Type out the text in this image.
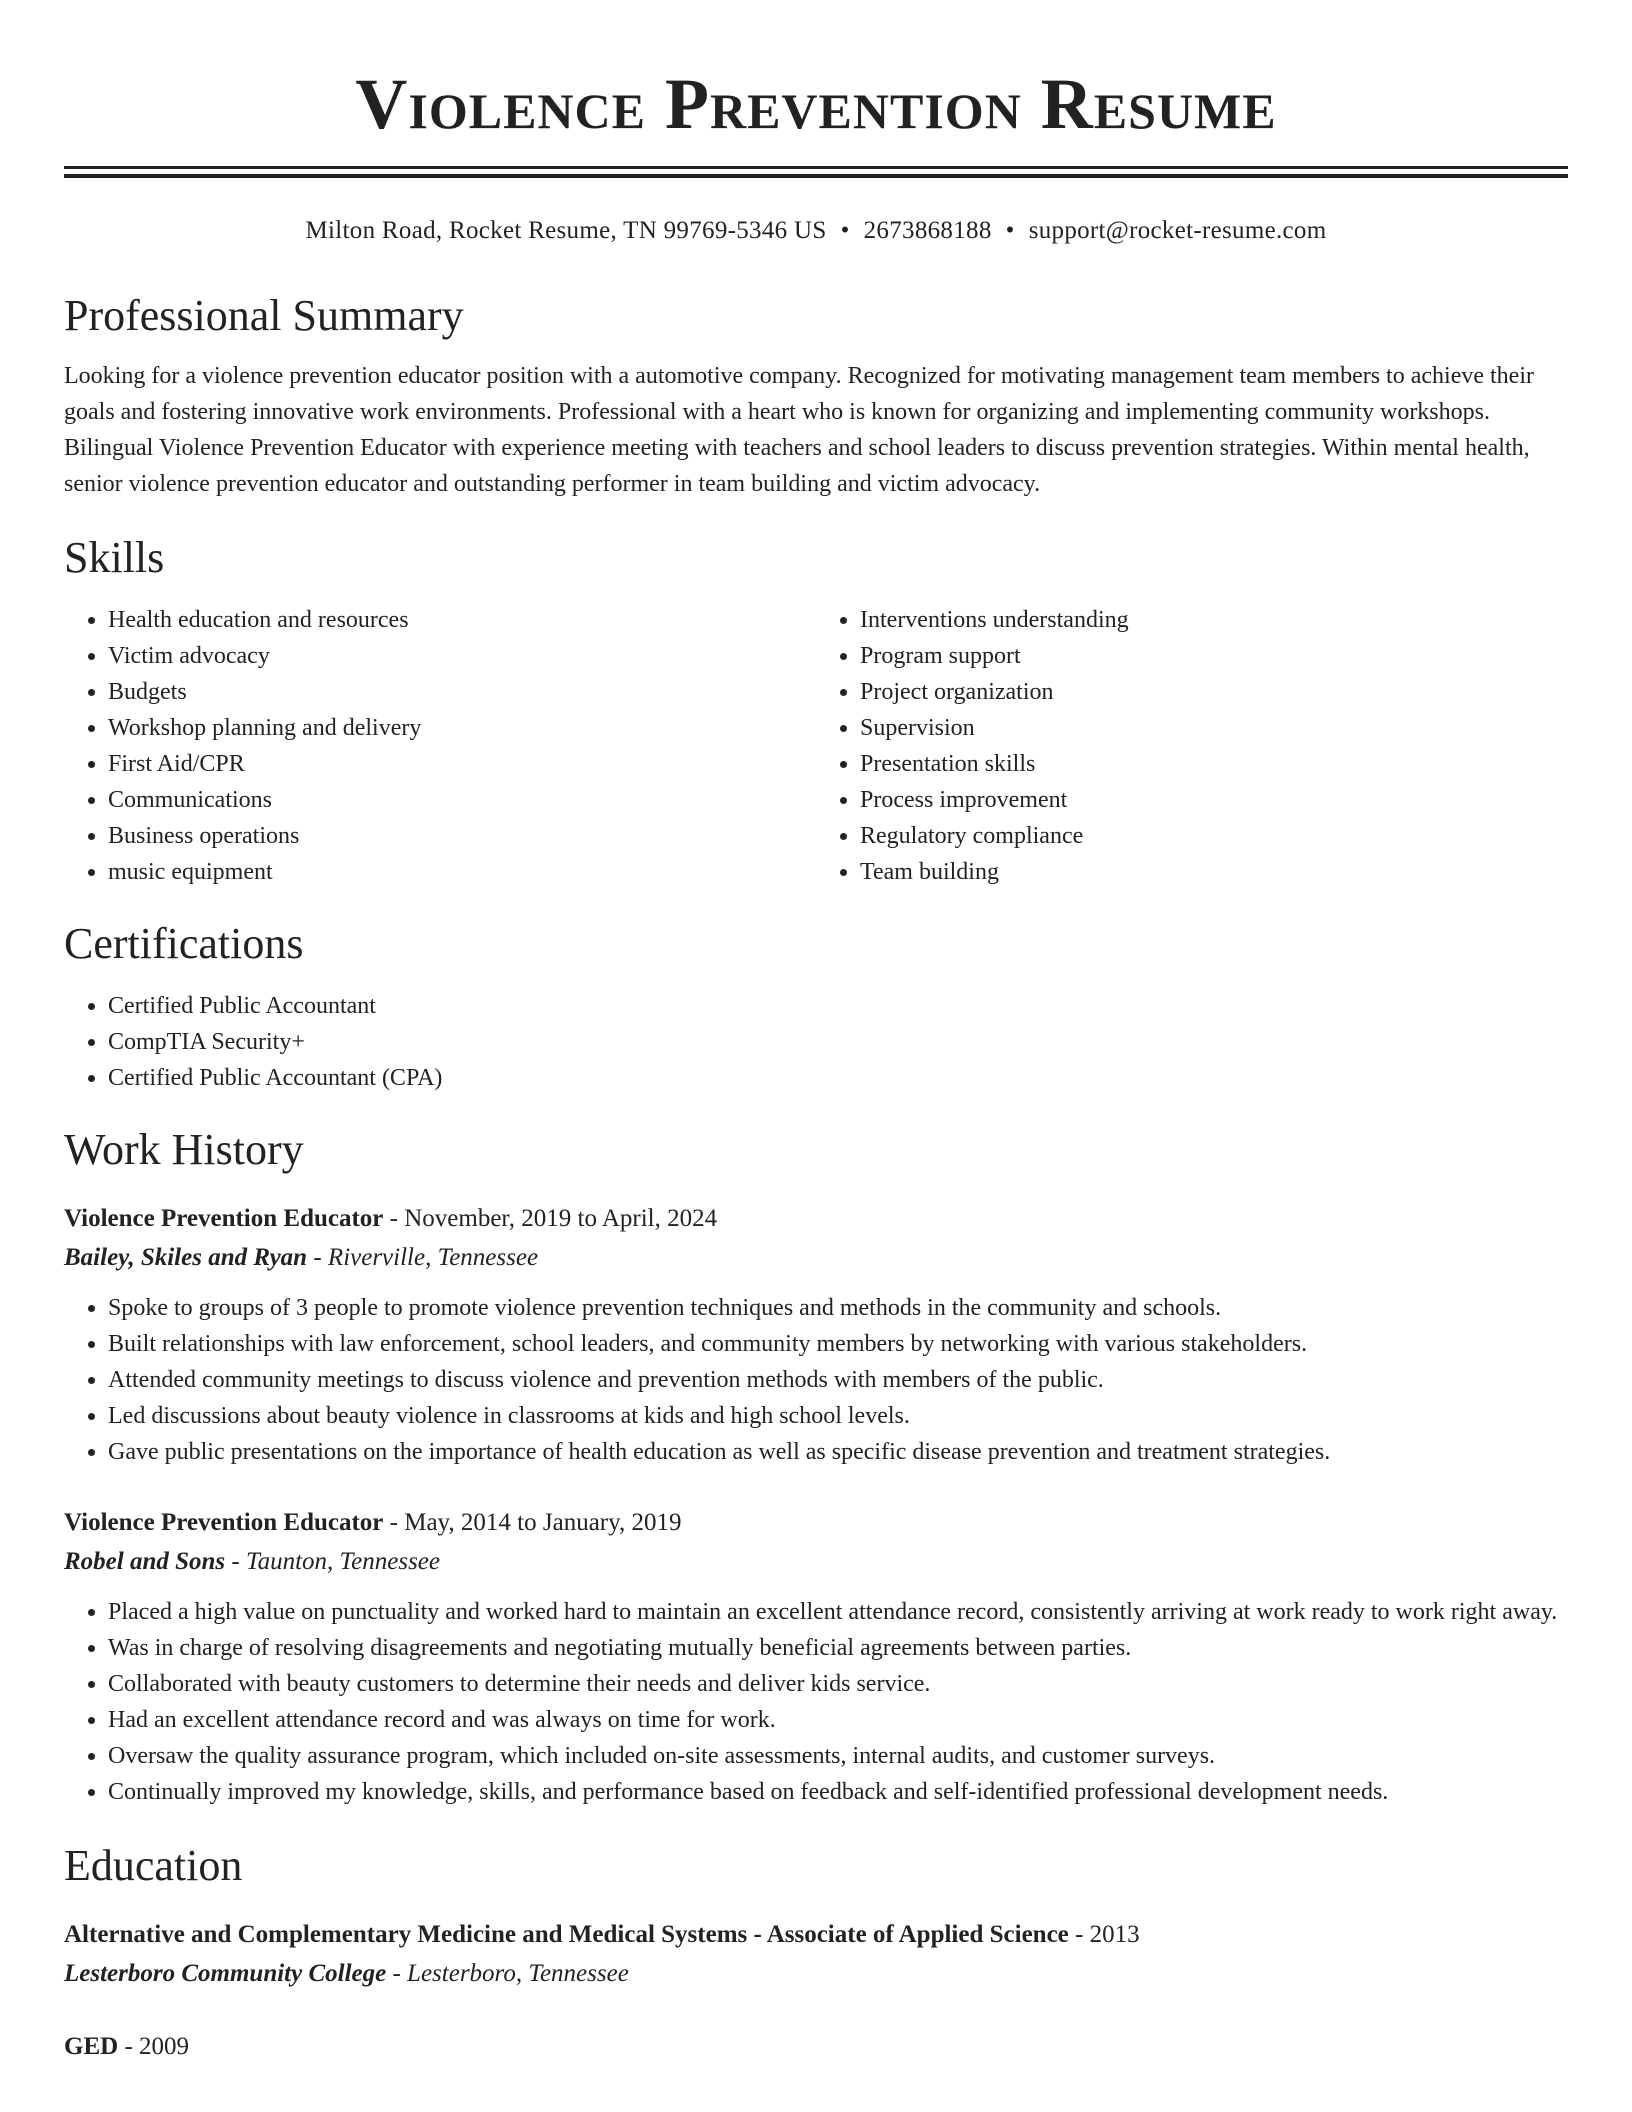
Violence Prevention Resume
Milton Road, Rocket Resume, TN 99769-5346 US • 2673868188 • support@rocket-resume.com
Professional Summary

Looking for a violence prevention educator position with a automotive company. Recognized for motivating management team members to achieve their goals and fostering innovative work environments. Professional with a heart who is known for organizing and implementing community workshops. Bilingual Violence Prevention Educator with experience meeting with teachers and school leaders to discuss prevention strategies. Within mental health, senior violence prevention educator and outstanding performer in team building and victim advocacy.

Skills
• Health education and resources
• Victim advocacy
• Budgets
• Workshop planning and delivery
• First Aid/CPR
• Communications
• Business operations
• music equipment
• Interventions understanding
• Program support
• Project organization
• Supervision
• Presentation skills
• Process improvement
• Regulatory compliance
• Team building
Certifications
• Certified Public Accountant
• CompTIA Security+
• Certified Public Accountant (CPA)
Work History
Violence Prevention Educator - November, 2019 to April, 2024
Bailey, Skiles and Ryan - Riverville, Tennessee
• Spoke to groups of 3 people to promote violence prevention techniques and methods in the community and schools.
• Built relationships with law enforcement, school leaders, and community members by networking with various stakeholders.
• Attended community meetings to discuss violence and prevention methods with members of the public.
• Led discussions about beauty violence in classrooms at kids and high school levels.
• Gave public presentations on the importance of health education as well as specific disease prevention and treatment strategies.
Violence Prevention Educator - May, 2014 to January, 2019
Robel and Sons - Taunton, Tennessee
• Placed a high value on punctuality and worked hard to maintain an excellent attendance record, consistently arriving at work ready to work right away.
• Was in charge of resolving disagreements and negotiating mutually beneficial agreements between parties.
• Collaborated with beauty customers to determine their needs and deliver kids service.
• Had an excellent attendance record and was always on time for work.
• Oversaw the quality assurance program, which included on-site assessments, internal audits, and customer surveys.
• Continually improved my knowledge, skills, and performance based on feedback and self-identified professional development needs.
Education
Alternative and Complementary Medicine and Medical Systems - Associate of Applied Science - 2013
Lesterboro Community College - Lesterboro, Tennessee
GED - 2009
